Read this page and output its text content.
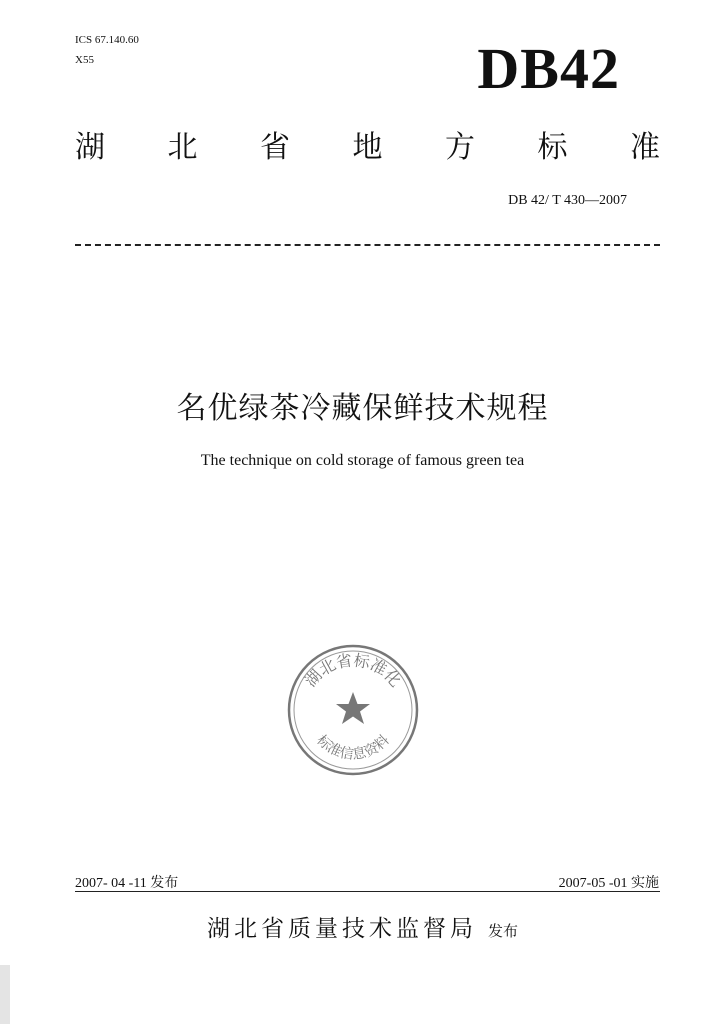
ICS 67.140.60
X55	DB42
湖 北 省 地 方 标 准
DB 42/ T 430—2007
名优绿茶冷藏保鲜技术规程
The technique on cold storage of famous green tea
湖北省标准化
标准信息资料
2007- 04 -11 发布	2007-05 -01 实施
湖北省质量技术监督局 发布
